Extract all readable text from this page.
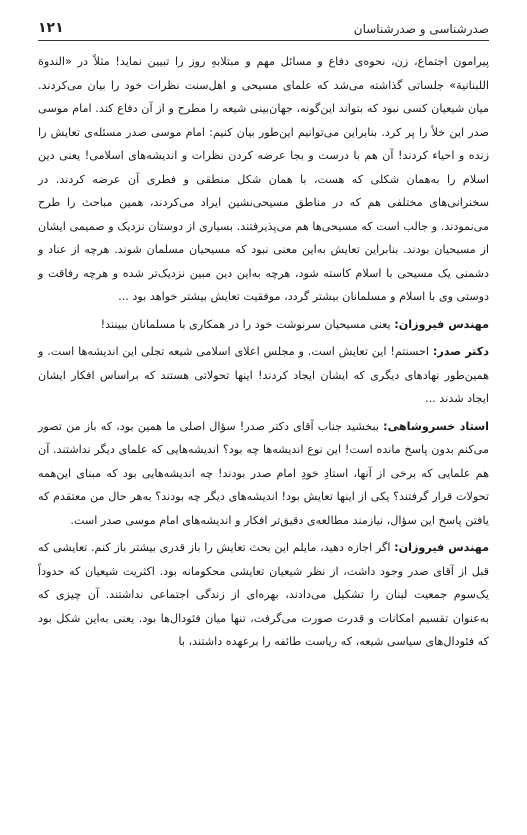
صدرشناسی و صدرشناسان
۱۲۱

پیرامون اجتماع، زن، نحوه‌ی دفاع و مسائل مهم و مبتلابهِ روز را تبیین نماید! مثلاً در «الندوة اللبنانیة» جلساتی گذاشته می‌شد که علمای مسیحی و اهل‌سنت نظرات خود را بیان می‌کردند. میان شیعیان کسی نبود که بتواند این‌گونه، جهان‌بینی شیعه را مطرح و از آن دفاع کند. امام موسی صدر این خلأ را پر کرد. بنابراین می‌توانیم این‌طور بیان کنیم: امام موسی صدر مسئله‌ی تعایش را زنده و احیاء کردند! آن هم با درست و بجا عرضه کردن نظرات و اندیشه‌های اسلامی! یعنی دین اسلام را به‌همان شکلی که هست، با همان شکل منطقی و فطری آن عرضه کردند. در سخنرانی‌های مختلفی هم که در مناطق مسیحی‌نشین ایراد می‌کردند، همین مباحث را طرح می‌نمودند. و جالب است که مسیحی‌ها هم می‌پذیرفتند. بسیاری از دوستان نزدیک و صمیمی ایشان از مسیحیان بودند. بنابراین تعایش به‌این معنی نبود که مسیحیان مسلمان شوند. هرچه از عناد و دشمنی یک مسیحی با اسلام کاسته شود، هرچه به‌این دین مبین نزدیک‌تر شده و هرچه رفاقت و دوستی وی با اسلام و مسلمانان بیشتر گردد، موفقیت تعایش بیشتر خواهد بود ...

مهندس فیروزان: یعنی مسیحیان سرنوشت خود را در همکاری با مسلمانان ببینند!

دکتر صدر: احسنتم! این تعایش است. و مجلس اعلای اسلامی شیعه تجلی این اندیشه‌ها است. و همین‌طور نهادهای دیگری که ایشان ایجاد کردند! اینها تحولاتی هستند که براساس افکار ایشان ایجاد شدند ...

استاد خسروشاهی: ببخشید جناب آقای دکتر صدر! سؤال اصلی ما همین بود، که باز من تصور می‌کنم بدون پاسخ مانده است! این نوع اندیشه‌ها چه بود؟ اندیشه‌هایی که علمای دیگر نداشتند. آن هم علمایی که برخی از آنها، استادِ خودِ امام صدر بودند! چه اندیشه‌هایی بود که مبنای این‌همه تحولات قرار گرفتند؟ یکی از اینها تعایش بود! اندیشه‌های دیگر چه بودند؟ به‌هر حال من معتقدم که یافتن پاسخ این سؤال، نیازمند مطالعه‌ی دقیق‌تر افکار و اندیشه‌های امام موسی صدر است.

مهندس فیروزان: اگر اجازه دهید، مایلم این بحث تعایش را باز قدری بیشتر باز کنم. تعایشی که قبل از آقای صدر وجود داشت، از نظر شیعیان تعایشی محکومانه بود. اکثریت شیعیان که حدوداً یک‌سوم جمعیت لبنان را تشکیل می‌دادند، بهره‌ای از زندگی اجتماعی نداشتند. آن چیزی که به‌عنوان تقسیم امکانات و قدرت صورت می‌گرفت، تنها میان فئودال‌ها بود. یعنی به‌این شکل بود که فئودال‌های سیاسی شیعه، که ریاست طائفه را برعهده داشتند، با
